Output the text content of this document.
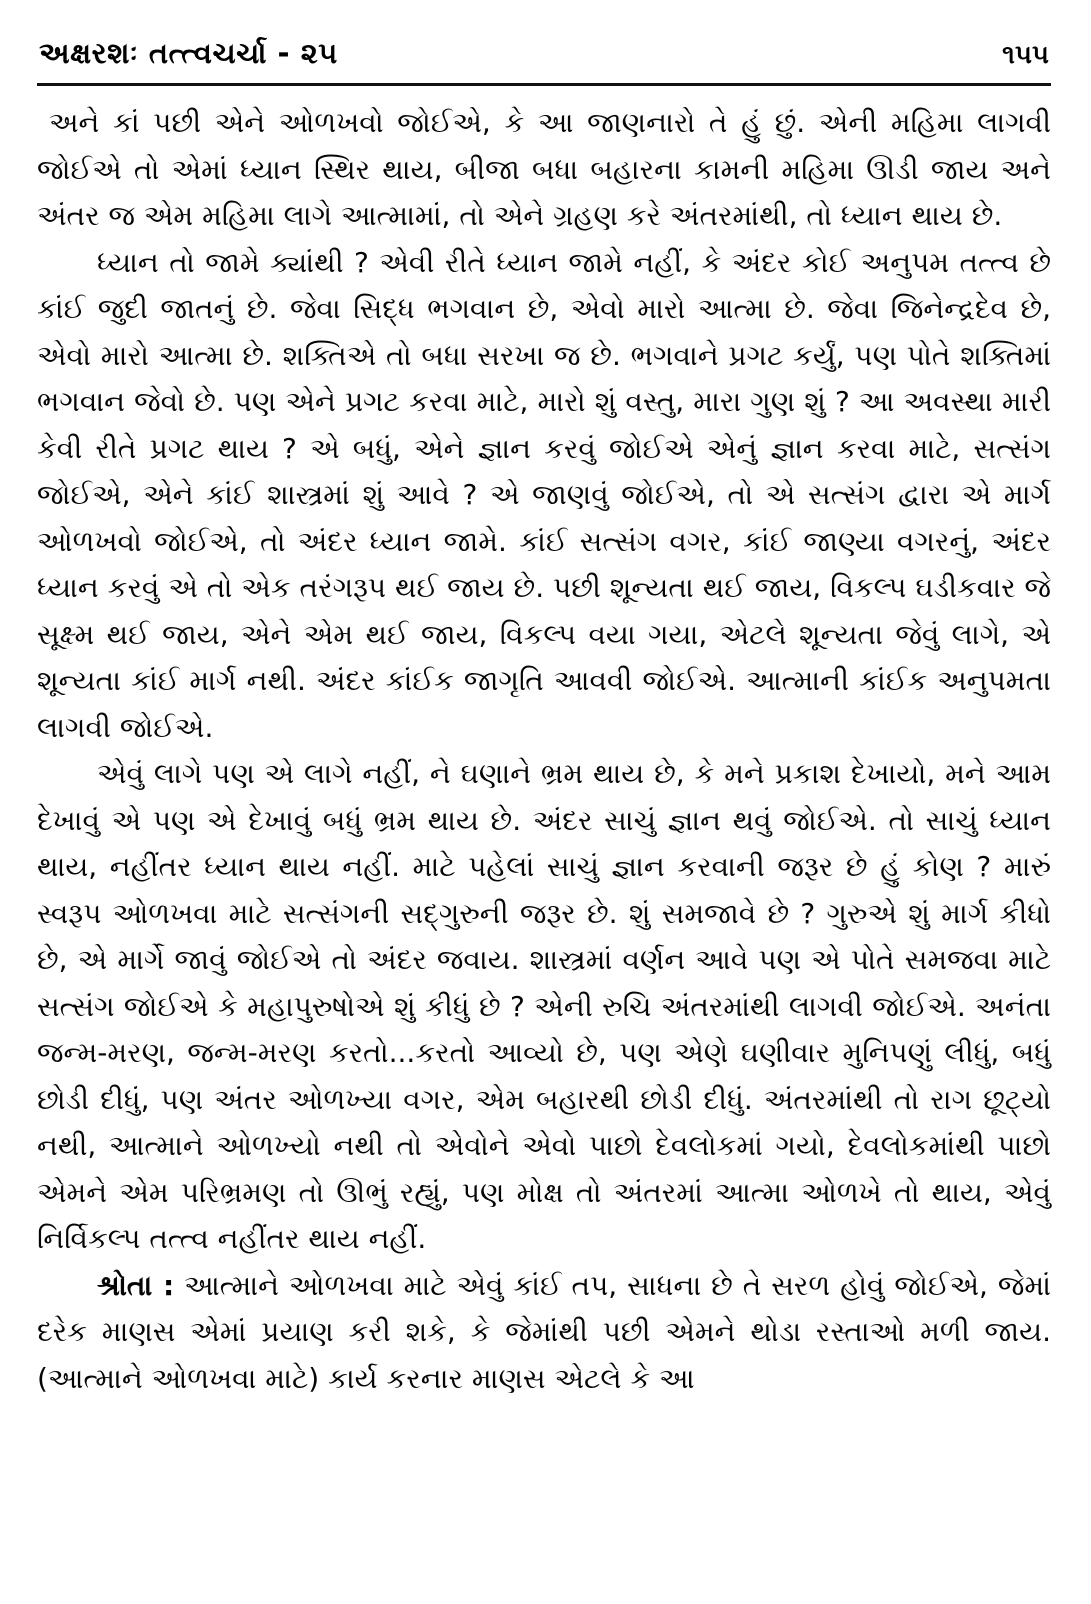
અક્ષરશઃ તત્ત્વચર્ચા - ૨૫	૧૫૫

અને કાં પછી એને ઓળખવો જોઈએ, કે આ જાણનારો તે હું છું. એની મહિમા લાગવી જોઈએ તો એમાં ધ્યાન સ્થિર થાય, બીજા બધા બહારના કામની મહિમા ઊડી જાય અને અંતર જ એમ મહિમા લાગે આત્મામાં, તો એને ગ્રહણ કરે અંતરમાંથી, તો ધ્યાન થાય છે.

ધ્યાન તો જામે ક્યાંથી ? એવી રીતે ધ્યાન જામે નહીં, કે અંદર કોઈ અનુપમ તત્ત્વ છે કાંઈ જુદી જાતનું છે. જેવા સિદ્ધ ભગવાન છે, એવો મારો આત્મા છે. જેવા જિનેન્દ્રદેવ છે, એવો મારો આત્મા છે. શક્તિએ તો બધા સરખા જ છે. ભગવાને પ્રગટ કર્યું, પણ પોતે શક્તિમાં ભગવાન જેવો છે. પણ એને પ્રગટ કરવા માટે, મારો શું વસ્તુ, મારા ગુણ શું ? આ અવસ્થા મારી કેવી રીતે પ્રગટ થાય ? એ બધું, એને જ્ઞાન કરવું જોઈએ એનું જ્ઞાન કરવા માટે, સત્સંગ જોઈએ, એને કાંઈ શાસ્ત્રમાં શું આવે ? એ જાણવું જોઈએ, તો એ સત્સંગ દ્વારા એ માર્ગ ઓળખવો જોઈએ, તો અંદર ધ્યાન જામે. કાંઈ સત્સંગ વગર, કાંઈ જાણ્યા વગરનું, અંદર ધ્યાન કરવું એ તો એક તરંગરૂપ થઈ જાય છે. પછી શૂન્યતા થઈ જાય, વિકલ્પ ઘડીકવાર જે સૂક્ષ્મ થઈ જાય, એને એમ થઈ જાય, વિકલ્પ વયા ગયા, એટલે શૂન્યતા જેવું લાગે, એ શૂન્યતા કાંઈ માર્ગ નથી. અંદર કાંઈક જાગૃતિ આવવી જોઈએ. આત્માની કાંઈક અનુપમતા લાગવી જોઈએ.

એવું લાગે પણ એ લાગે નહીં, ને ઘણાને ભ્રમ થાય છે, કે મને પ્રકાશ દેખાયો, મને આમ દેખાવું એ પણ એ દેખાવું બધું ભ્રમ થાય છે. અંદર સાચું જ્ઞાન થવું જોઈએ. તો સાચું ધ્યાન થાય, નહીંતર ધ્યાન થાય નહીં. માટે પહેલાં સાચું જ્ઞાન કરવાની જરૂર છે હું કોણ ? મારું સ્વરૂપ ઓળખવા માટે સત્સંગની સદ્ગુરુની જરૂર છે. શું સમજાવે છે ? ગુરુએ શું માર્ગ કીધો છે, એ માર્ગે જાવું જોઈએ તો અંદર જવાય. શાસ્ત્રમાં વર્ણન આવે પણ એ પોતે સમજવા માટે સત્સંગ જોઈએ કે મહાપુરુષોએ શું કીધું છે ? એની રુચિ અંતરમાંથી લાગવી જોઈએ. અનંતા જન્મ-મરણ, જન્મ-મરણ કરતો...કરતો આવ્યો છે, પણ એણે ઘણીવાર મુનિપણું લીધું, બધું છોડી દીધું, પણ અંતર ઓળખ્યા વગર, એમ બહારથી છોડી દીધું. અંતરમાંથી તો રાગ છૂટ્યો નથી, આત્માને ઓળખ્યો નથી તો એવોને એવો પાછો દેવલોકમાં ગયો, દેવલોકમાંથી પાછો એમને એમ પરિભ્રમણ તો ઊભું રહ્યું, પણ મોક્ષ તો અંતરમાં આત્મા ઓળખે તો થાય, એવું નિર્વિકલ્પ તત્ત્વ નહીંતર થાય નહીં.

શ્રોતા : આત્માને ઓળખવા માટે એવું કાંઈ તપ, સાધના છે તે સરળ હોવું જોઈએ, જેમાં દરેક માણસ એમાં પ્રયાણ કરી શકે, કે જેમાંથી પછી એમને થોડા રસ્તાઓ મળી જાય. (આત્માને ઓળખવા માટે) કાર્ય કરનાર માણસ એટલે કે આ
